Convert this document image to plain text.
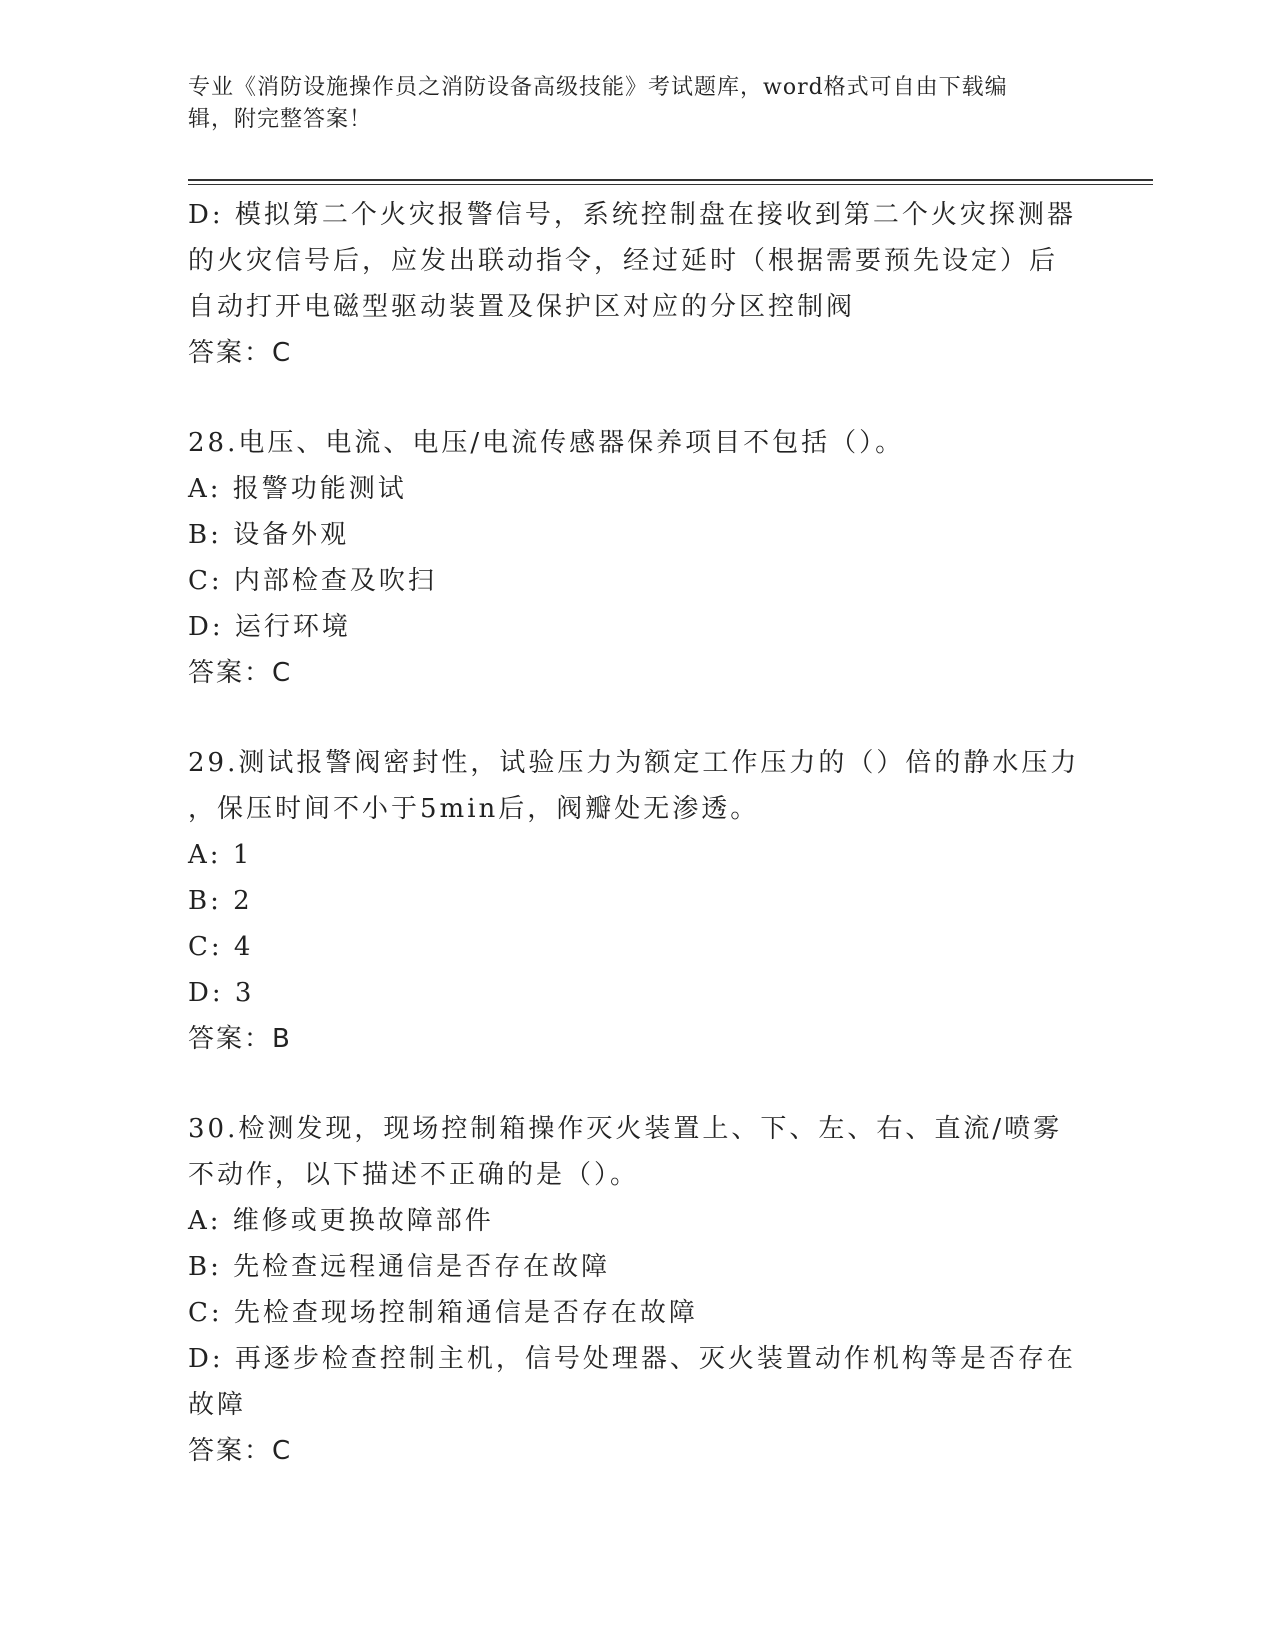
专业《消防设施操作员之消防设备高级技能》考试题库，word格式可自由下载编
辑，附完整答案！
D: 模拟第二个火灾报警信号，系统控制盘在接收到第二个火灾探测器
的火灾信号后，应发出联动指令，经过延时（根据需要预先设定）后
自动打开电磁型驱动装置及保护区对应的分区控制阀
答案：C
28.电压、电流、电压/电流传感器保养项目不包括（）。
A: 报警功能测试
B: 设备外观
C: 内部检查及吹扫
D: 运行环境
答案：C
29.测试报警阀密封性，试验压力为额定工作压力的（）倍的静水压力
，保压时间不小于5min后，阀瓣处无渗透。
A: 1
B: 2
C: 4
D: 3
答案：B
30.检测发现，现场控制箱操作灭火装置上、下、左、右、直流/喷雾
不动作，以下描述不正确的是（）。
A: 维修或更换故障部件
B: 先检查远程通信是否存在故障
C: 先检查现场控制箱通信是否存在故障
D: 再逐步检查控制主机，信号处理器、灭火装置动作机构等是否存在
故障
答案：C
